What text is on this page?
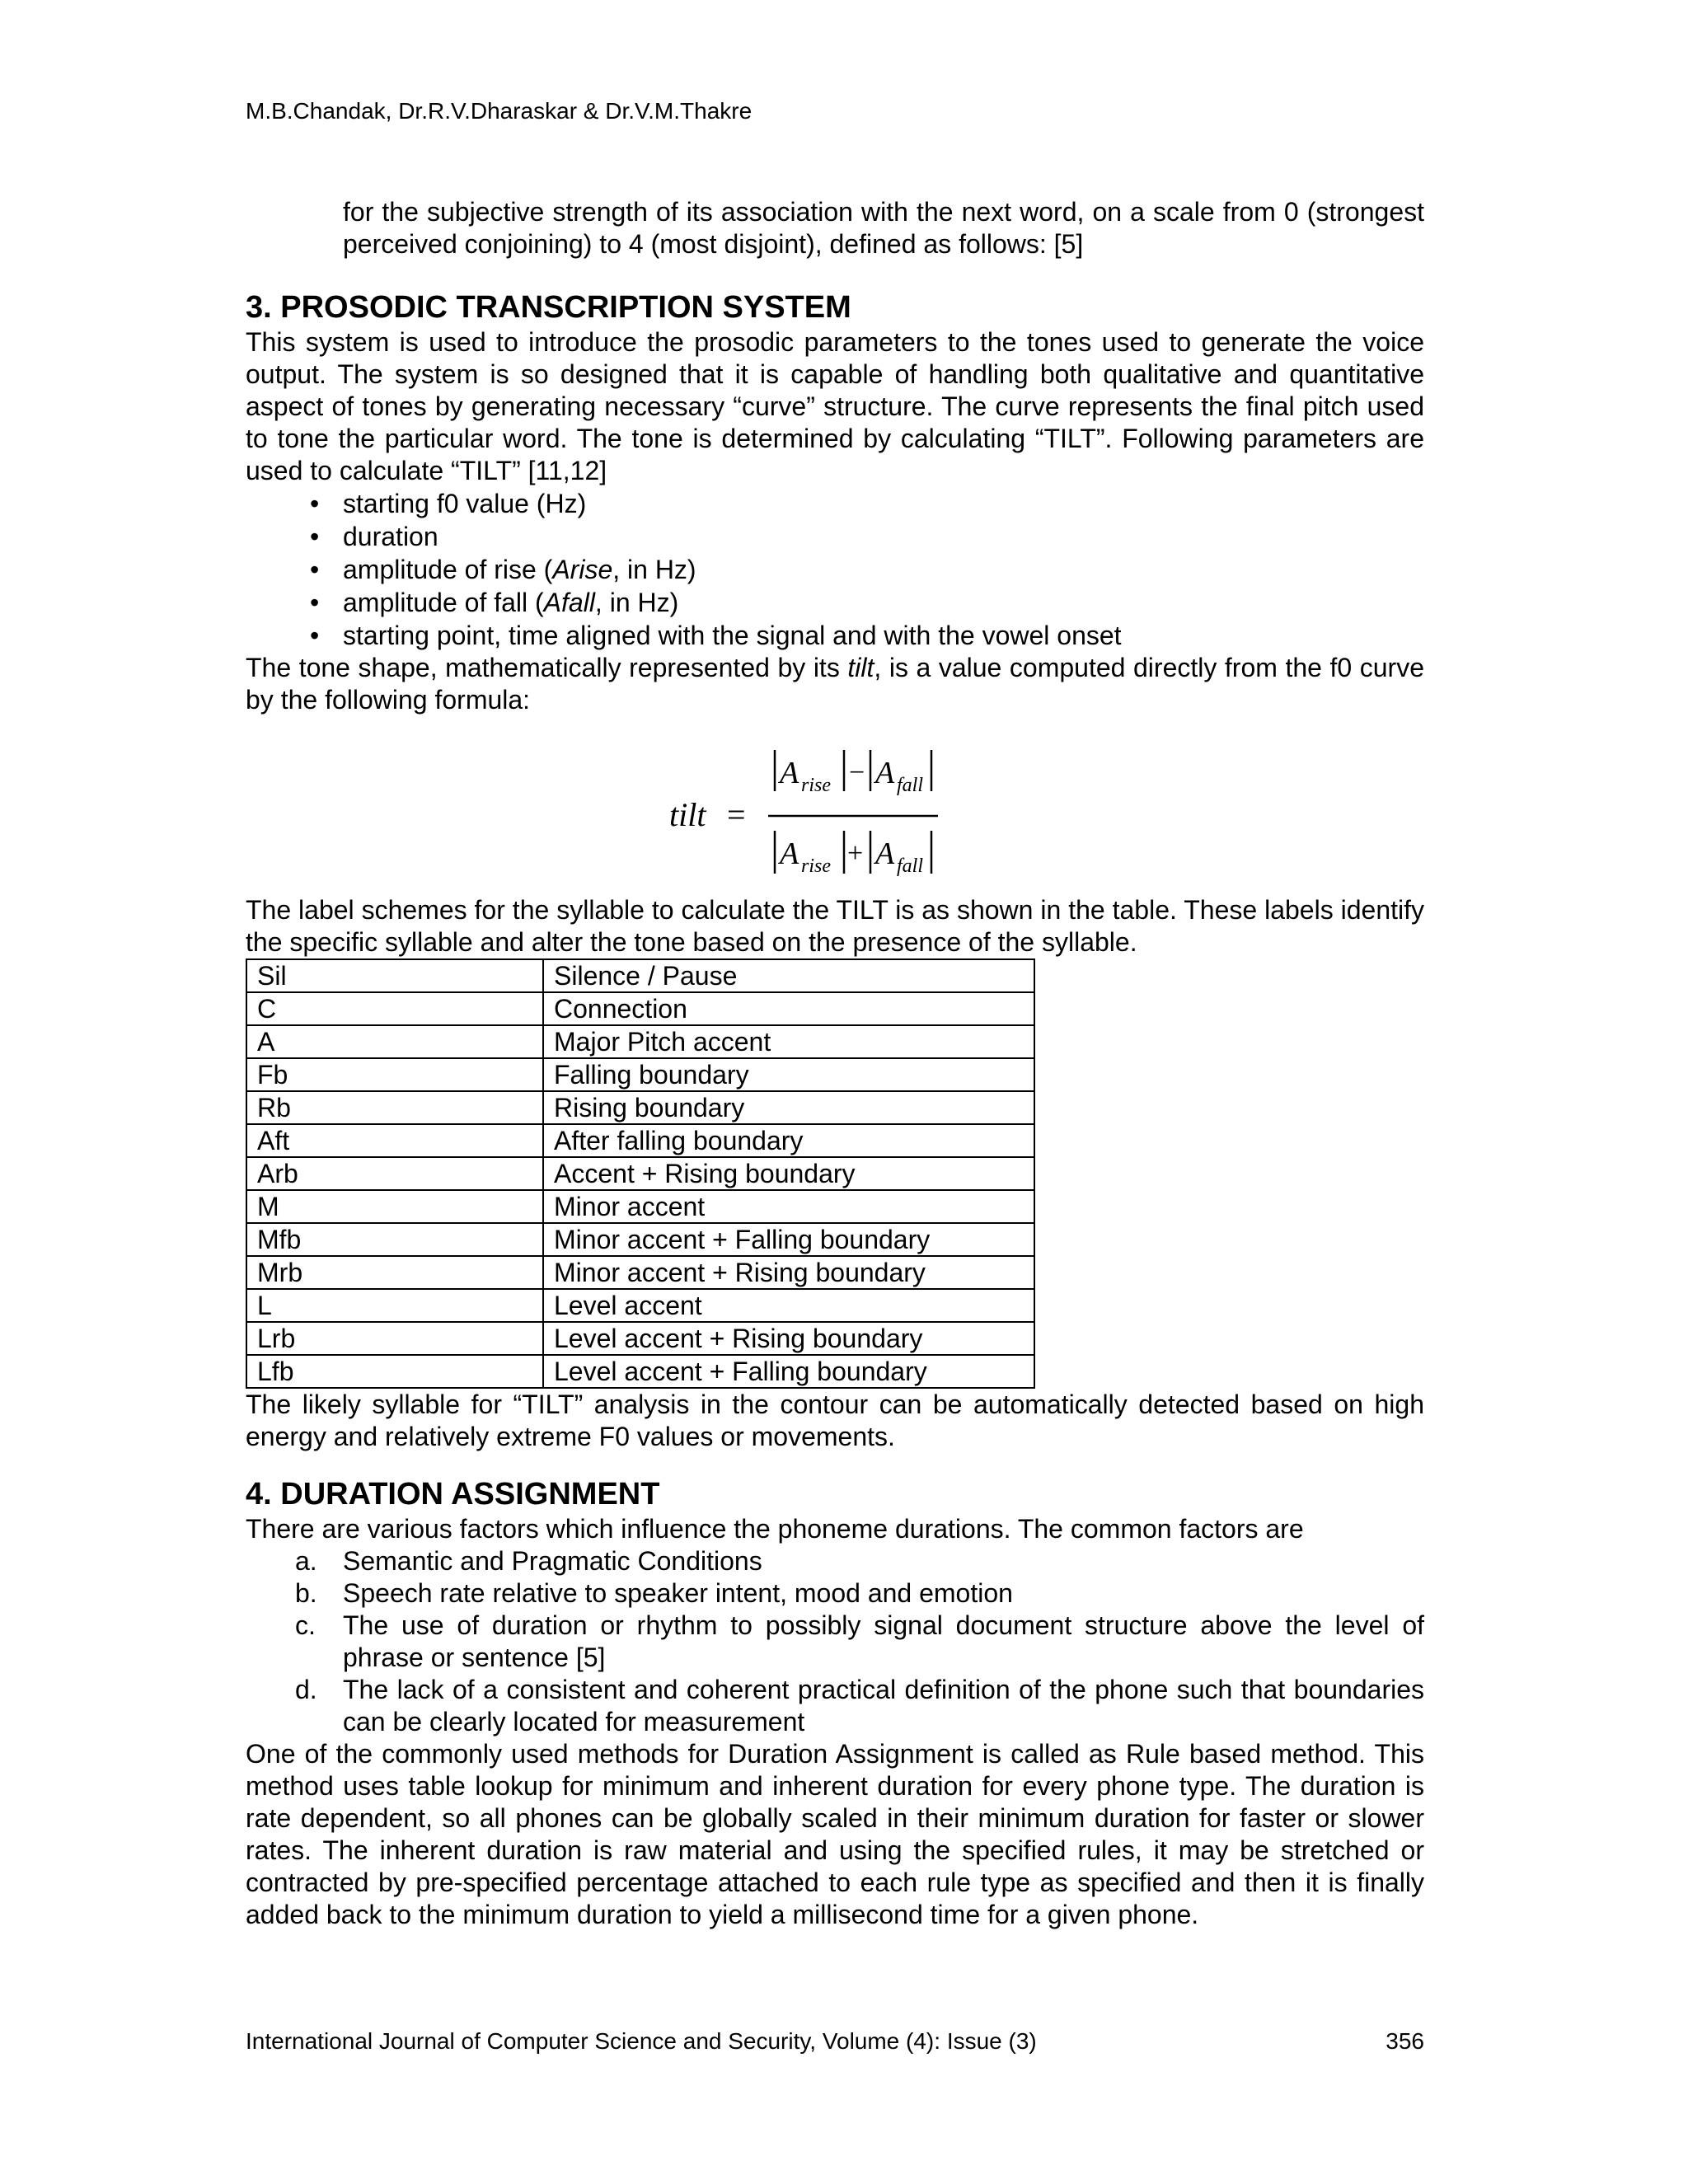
M.B.Chandak, Dr.R.V.Dharaskar & Dr.V.M.Thakre

for the subjective strength of its association with the next word, on a scale from 0 (strongest perceived conjoining) to 4 (most disjoint), defined as follows: [5]

3. PROSODIC TRANSCRIPTION SYSTEM

This system is used to introduce the prosodic parameters to the tones used to generate the voice output. The system is so designed that it is capable of handling both qualitative and quantitative aspect of tones by generating necessary “curve” structure. The curve represents the final pitch used to tone the particular word. The tone is determined by calculating “TILT”. Following parameters are used to calculate “TILT” [11,12]

• starting f0 value (Hz)
• duration
• amplitude of rise (Arise, in Hz)
• amplitude of fall (Afall, in Hz)
• starting point, time aligned with the signal and with the vowel onset

The tone shape, mathematically represented by its tilt, is a value computed directly from the f0 curve by the following formula:

tilt =
A rise − A fall
A rise + A fall

The label schemes for the syllable to calculate the TILT is as shown in the table. These labels identify the specific syllable and alter the tone based on the presence of the syllable.

Sil	Silence / Pause
C	Connection
A	Major Pitch accent
Fb	Falling boundary
Rb	Rising boundary
Aft	After falling boundary
Arb	Accent + Rising boundary
M	Minor accent
Mfb	Minor accent + Falling boundary
Mrb	Minor accent + Rising boundary
L	Level accent
Lrb	Level accent + Rising boundary
Lfb	Level accent + Falling boundary

The likely syllable for “TILT” analysis in the contour can be automatically detected based on high energy and relatively extreme F0 values or movements.

4. DURATION ASSIGNMENT

There are various factors which influence the phoneme durations. The common factors are

a. Semantic and Pragmatic Conditions
b. Speech rate relative to speaker intent, mood and emotion
c. The use of duration or rhythm to possibly signal document structure above the level of phrase or sentence [5]
d. The lack of a consistent and coherent practical definition of the phone such that boundaries can be clearly located for measurement

One of the commonly used methods for Duration Assignment is called as Rule based method. This method uses table lookup for minimum and inherent duration for every phone type. The duration is rate dependent, so all phones can be globally scaled in their minimum duration for faster or slower rates. The inherent duration is raw material and using the specified rules, it may be stretched or contracted by pre-specified percentage attached to each rule type as specified and then it is finally added back to the minimum duration to yield a millisecond time for a given phone.

International Journal of Computer Science and Security, Volume (4): Issue (3)	356
